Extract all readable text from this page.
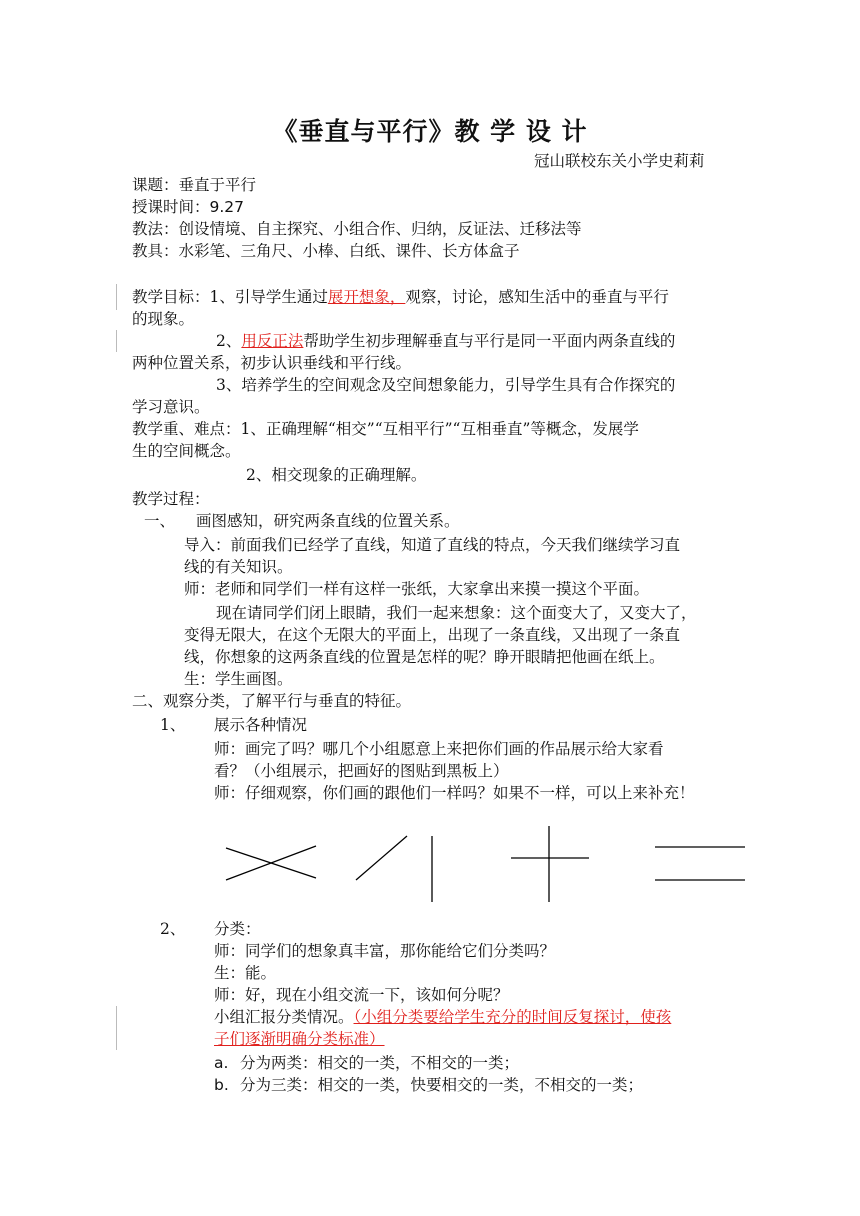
《垂直与平行》教 学 设 计
冠山联校东关小学史莉莉
课题：垂直于平行
授课时间：9.27
教法：创设情境、自主探究、小组合作、归纳，反证法、迁移法等
教具：水彩笔、三角尺、小棒、白纸、课件、长方体盒子
教学目标：1、引导学生通过展开想象，观察，讨论，感知生活中的垂直与平行
的现象。
2、用反正法帮助学生初步理解垂直与平行是同一平面内两条直线的
两种位置关系，初步认识垂线和平行线。
3、培养学生的空间观念及空间想象能力，引导学生具有合作探究的
学习意识。
教学重、难点：1、正确理解“相交”“互相平行”“互相垂直”等概念，发展学
生的空间概念。
2、相交现象的正确理解。
教学过程：
一、 画图感知，研究两条直线的位置关系。
导入：前面我们已经学了直线，知道了直线的特点，今天我们继续学习直
线的有关知识。
师：老师和同学们一样有这样一张纸，大家拿出来摸一摸这个平面。
现在请同学们闭上眼睛，我们一起来想象：这个面变大了，又变大了，
变得无限大，在这个无限大的平面上，出现了一条直线，又出现了一条直
线，你想象的这两条直线的位置是怎样的呢？睁开眼睛把他画在纸上。
生：学生画图。
二、观察分类，了解平行与垂直的特征。
1、 展示各种情况
师：画完了吗？哪几个小组愿意上来把你们画的作品展示给大家看
看？（小组展示，把画好的图贴到黑板上）
师：仔细观察，你们画的跟他们一样吗？如果不一样，可以上来补充！
2、 分类：
师：同学们的想象真丰富，那你能给它们分类吗？
生：能。
师：好，现在小组交流一下，该如何分呢？
小组汇报分类情况。（小组分类要给学生充分的时间反复探讨，使孩
子们逐渐明确分类标准）
a. 分为两类：相交的一类，不相交的一类；
b. 分为三类：相交的一类，快要相交的一类，不相交的一类；
